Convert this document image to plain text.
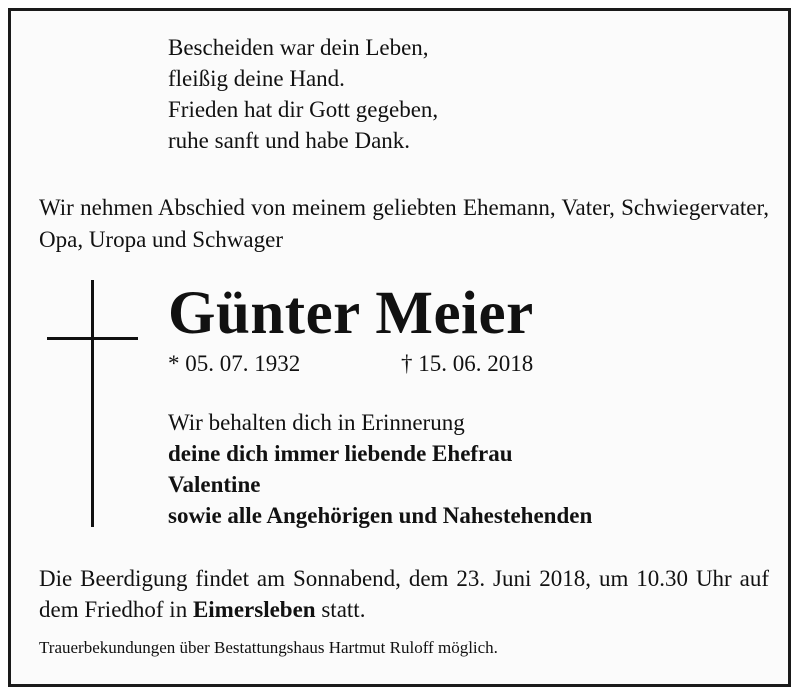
Bescheiden war dein Leben,
fleißig deine Hand.
Frieden hat dir Gott gegeben,
ruhe sanft und habe Dank.
Wir nehmen Abschied von meinem geliebten Ehemann, Vater, Schwiegervater, Opa, Uropa und Schwager
Günter Meier
* 05. 07. 1932	† 15. 06. 2018
Wir behalten dich in Erinnerung
deine dich immer liebende Ehefrau
Valentine
sowie alle Angehörigen und Nahestehenden
Die Beerdigung findet am Sonnabend, dem 23. Juni 2018, um 10.30 Uhr auf dem Friedhof in Eimersleben statt.
Trauerbekundungen über Bestattungshaus Hartmut Ruloff möglich.
